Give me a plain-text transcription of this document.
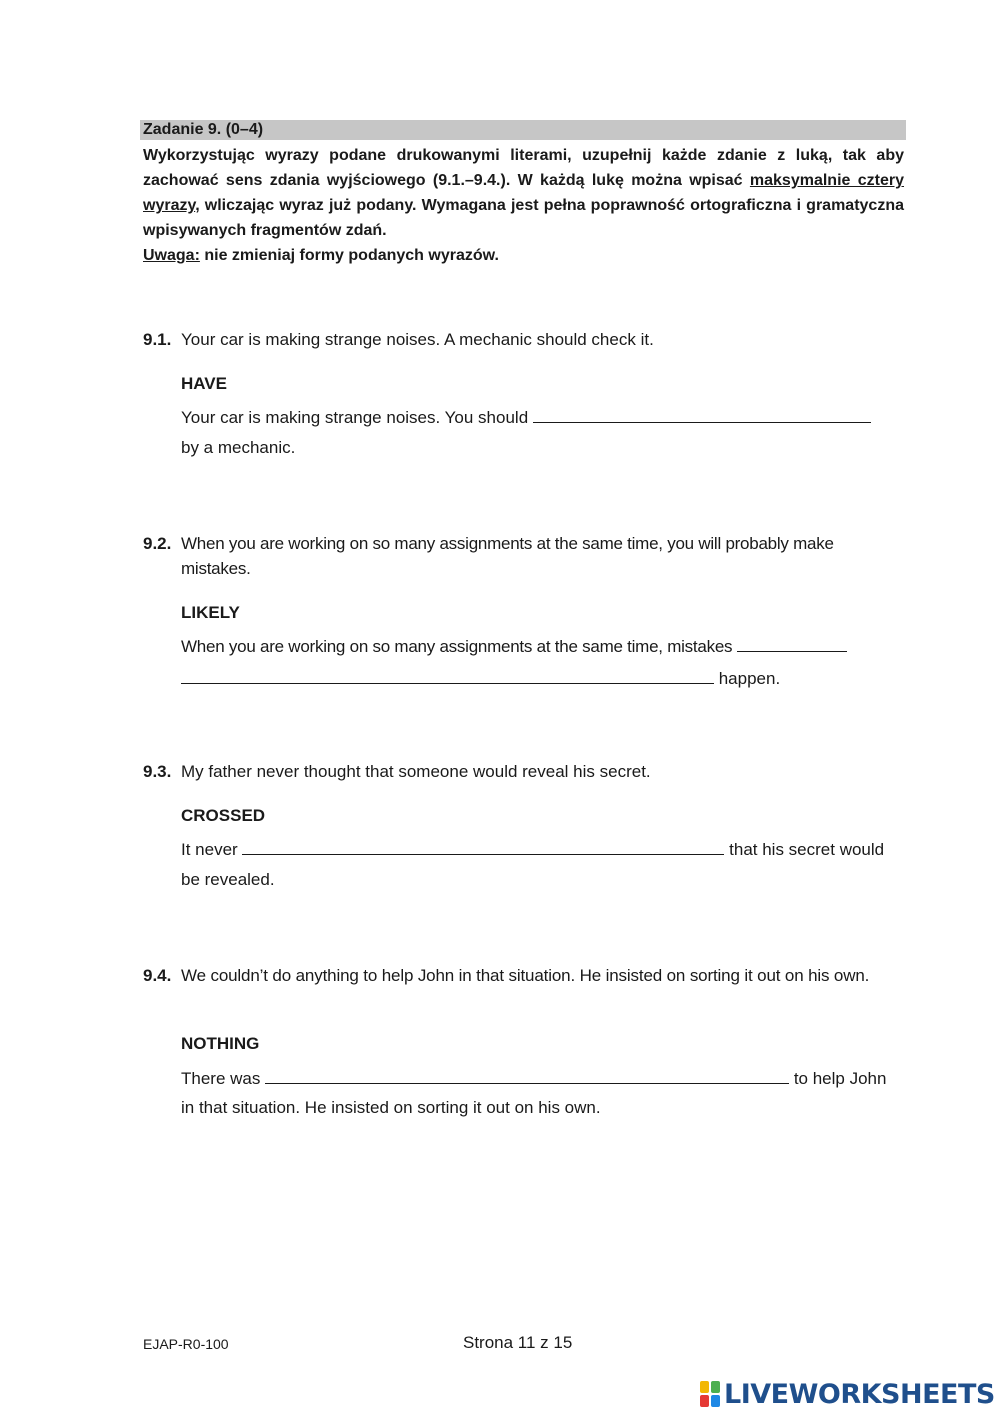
Zadanie 9. (0–4)
Wykorzystując wyrazy podane drukowanymi literami, uzupełnij każde zdanie z luką, tak aby zachować sens zdania wyjściowego (9.1.–9.4.). W każdą lukę można wpisać maksymalnie cztery wyrazy, wliczając wyraz już podany. Wymagana jest pełna poprawność ortograficzna i gramatyczna wpisywanych fragmentów zdań.
Uwaga: nie zmieniaj formy podanych wyrazów.
9.1. Your car is making strange noises. A mechanic should check it.
HAVE
Your car is making strange noises. You should
by a mechanic.
9.2. When you are working on so many assignments at the same time, you will probably make mistakes.
LIKELY
When you are working on so many assignments at the same time, mistakes
happen.
9.3. My father never thought that someone would reveal his secret.
CROSSED
It never	that his secret would
be revealed.
9.4. We couldn’t do anything to help John in that situation. He insisted on sorting it out on his own.
NOTHING
There was	to help John
in that situation. He insisted on sorting it out on his own.
EJAP-R0-100	Strona 11 z 15
LIVEWORKSHEETS
